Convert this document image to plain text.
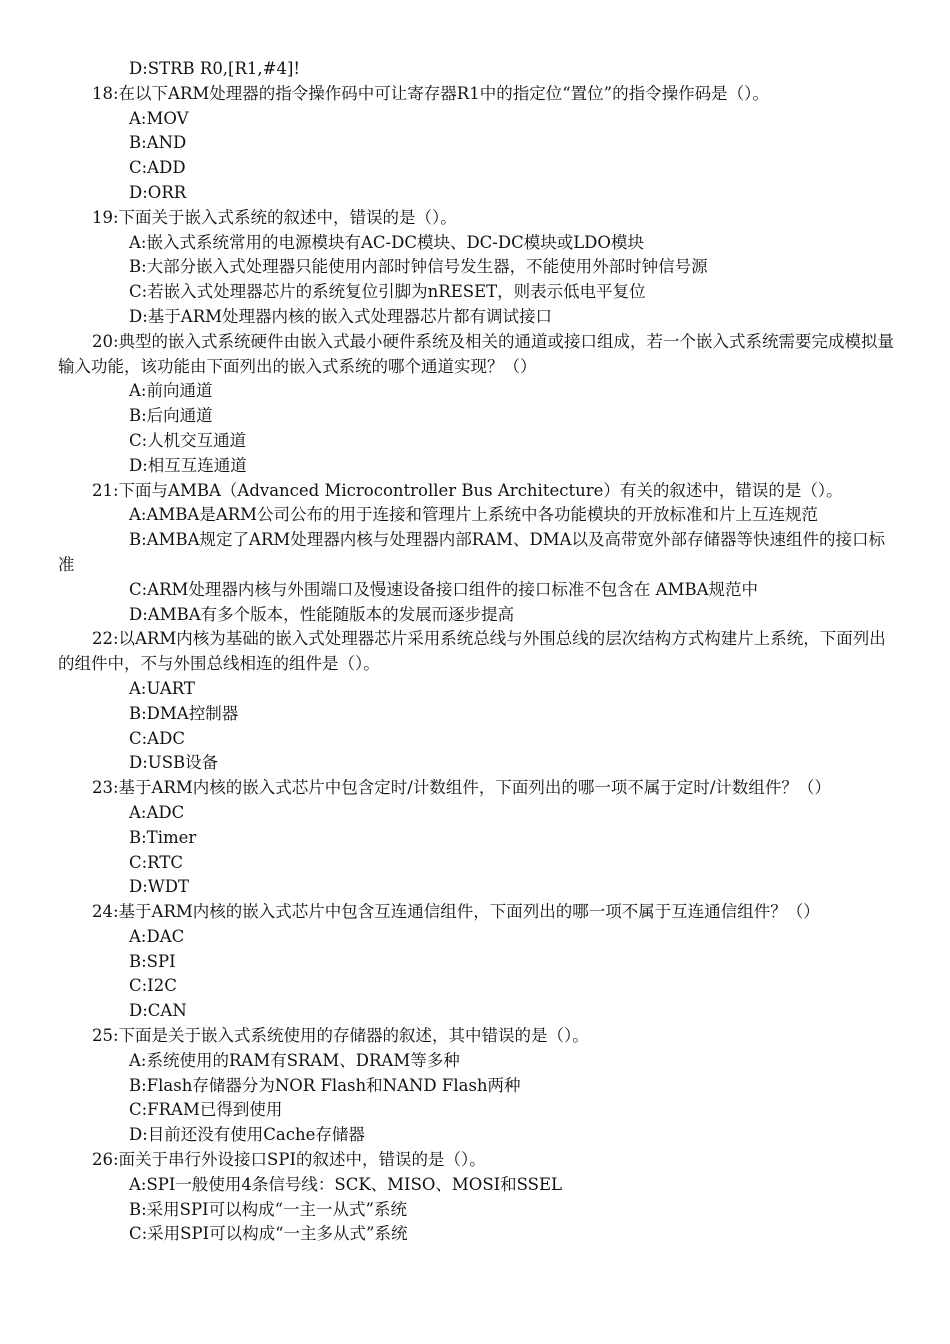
D:STRB R0,[R1,#4]!
18:在以下ARM处理器的指令操作码中可让寄存器R1中的指定位“置位”的指令操作码是（）。
A:MOV
B:AND
C:ADD
D:ORR
19:下面关于嵌入式系统的叙述中，错误的是（）。
A:嵌入式系统常用的电源模块有AC-DC模块、DC-DC模块或LDO模块
B:大部分嵌入式处理器只能使用内部时钟信号发生器，不能使用外部时钟信号源
C:若嵌入式处理器芯片的系统复位引脚为nRESET，则表示低电平复位
D:基于ARM处理器内核的嵌入式处理器芯片都有调试接口
20:典型的嵌入式系统硬件由嵌入式最小硬件系统及相关的通道或接口组成，若一个嵌入式系统需要完成模拟量输入功能，该功能由下面列出的嵌入式系统的哪个通道实现？（）
A:前向通道
B:后向通道
C:人机交互通道
D:相互互连通道
21:下面与AMBA（Advanced Microcontroller Bus Architecture）有关的叙述中，错误的是（）。
A:AMBA是ARM公司公布的用于连接和管理片上系统中各功能模块的开放标准和片上互连规范
B:AMBA规定了ARM处理器内核与处理器内部RAM、DMA以及高带宽外部存储器等快速组件的接口标准
C:ARM处理器内核与外围端口及慢速设备接口组件的接口标准不包含在 AMBA规范中
D:AMBA有多个版本，性能随版本的发展而逐步提高
22:以ARM内核为基础的嵌入式处理器芯片采用系统总线与外围总线的层次结构方式构建片上系统，下面列出的组件中，不与外围总线相连的组件是（）。
A:UART
B:DMA控制器
C:ADC
D:USB设备
23:基于ARM内核的嵌入式芯片中包含定时/计数组件，下面列出的哪一项不属于定时/计数组件？（）
A:ADC
B:Timer
C:RTC
D:WDT
24:基于ARM内核的嵌入式芯片中包含互连通信组件，下面列出的哪一项不属于互连通信组件？（）
A:DAC
B:SPI
C:I2C
D:CAN
25:下面是关于嵌入式系统使用的存储器的叙述，其中错误的是（）。
A:系统使用的RAM有SRAM、DRAM等多种
B:Flash存储器分为NOR Flash和NAND Flash两种
C:FRAM已得到使用
D:目前还没有使用Cache存储器
26:面关于串行外设接口SPI的叙述中，错误的是（）。
A:SPI一般使用4条信号线：SCK、MISO、MOSI和SSEL
B:采用SPI可以构成“一主一从式”系统
C:采用SPI可以构成“一主多从式”系统
